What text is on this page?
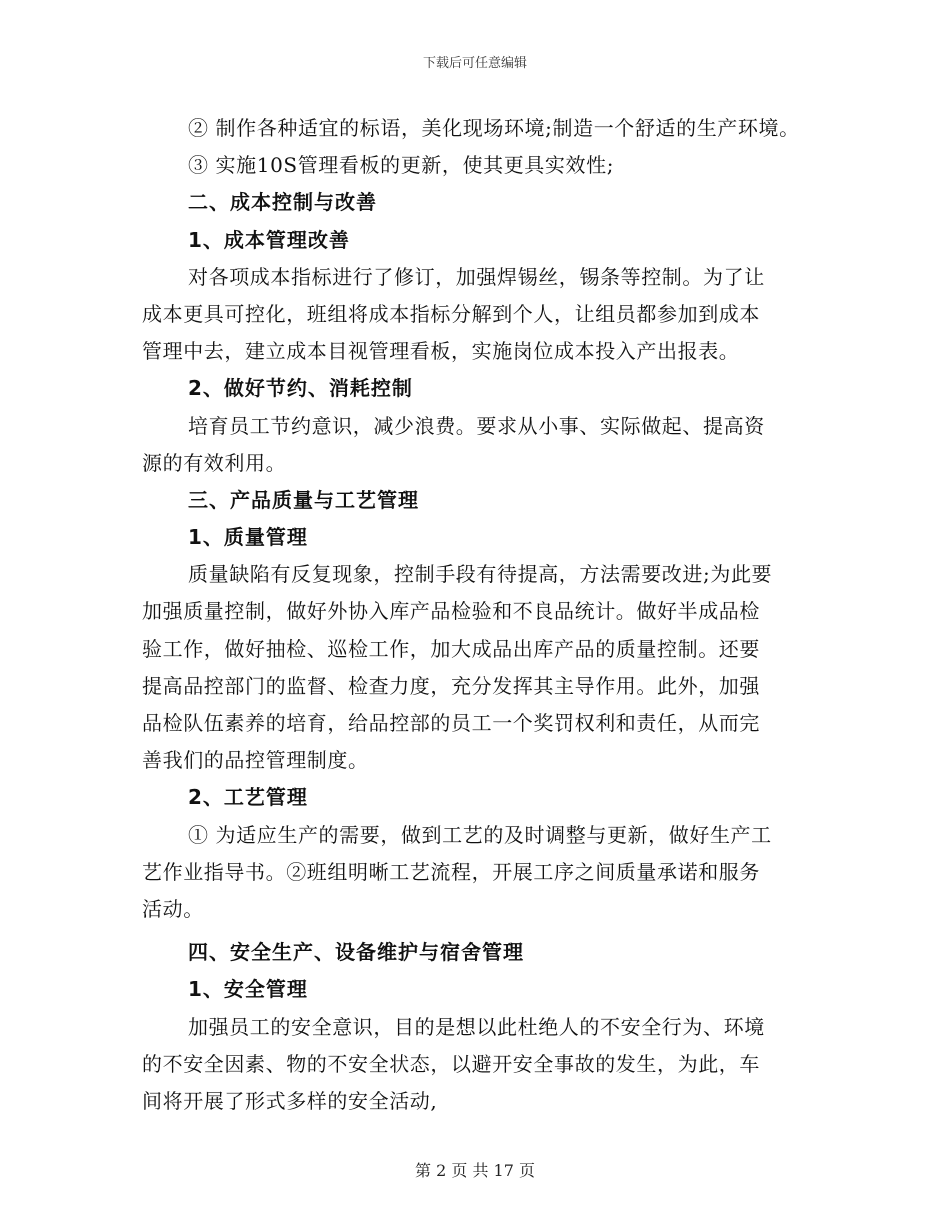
下载后可任意编辑
② 制作各种适宜的标语，美化现场环境;制造一个舒适的生产环境。
③ 实施10S管理看板的更新，使其更具实效性;
二、成本控制与改善
1、成本管理改善
对各项成本指标进行了修订，加强焊锡丝，锡条等控制。为了让
成本更具可控化，班组将成本指标分解到个人，让组员都参加到成本
管理中去，建立成本目视管理看板，实施岗位成本投入产出报表。
2、做好节约、消耗控制
培育员工节约意识，减少浪费。要求从小事、实际做起、提高资
源的有效利用。
三、产品质量与工艺管理
1、质量管理
质量缺陷有反复现象，控制手段有待提高，方法需要改进;为此要
加强质量控制，做好外协入库产品检验和不良品统计。做好半成品检
验工作，做好抽检、巡检工作，加大成品出库产品的质量控制。还要
提高品控部门的监督、检查力度，充分发挥其主导作用。此外，加强
品检队伍素养的培育，给品控部的员工一个奖罚权利和责任，从而完
善我们的品控管理制度。
2、工艺管理
① 为适应生产的需要，做到工艺的及时调整与更新，做好生产工
艺作业指导书。②班组明晰工艺流程，开展工序之间质量承诺和服务
活动。
四、安全生产、设备维护与宿舍管理
1、安全管理
加强员工的安全意识，目的是想以此杜绝人的不安全行为、环境
的不安全因素、物的不安全状态，以避开安全事故的发生，为此，车
间将开展了形式多样的安全活动,
第 2 页 共 17 页
